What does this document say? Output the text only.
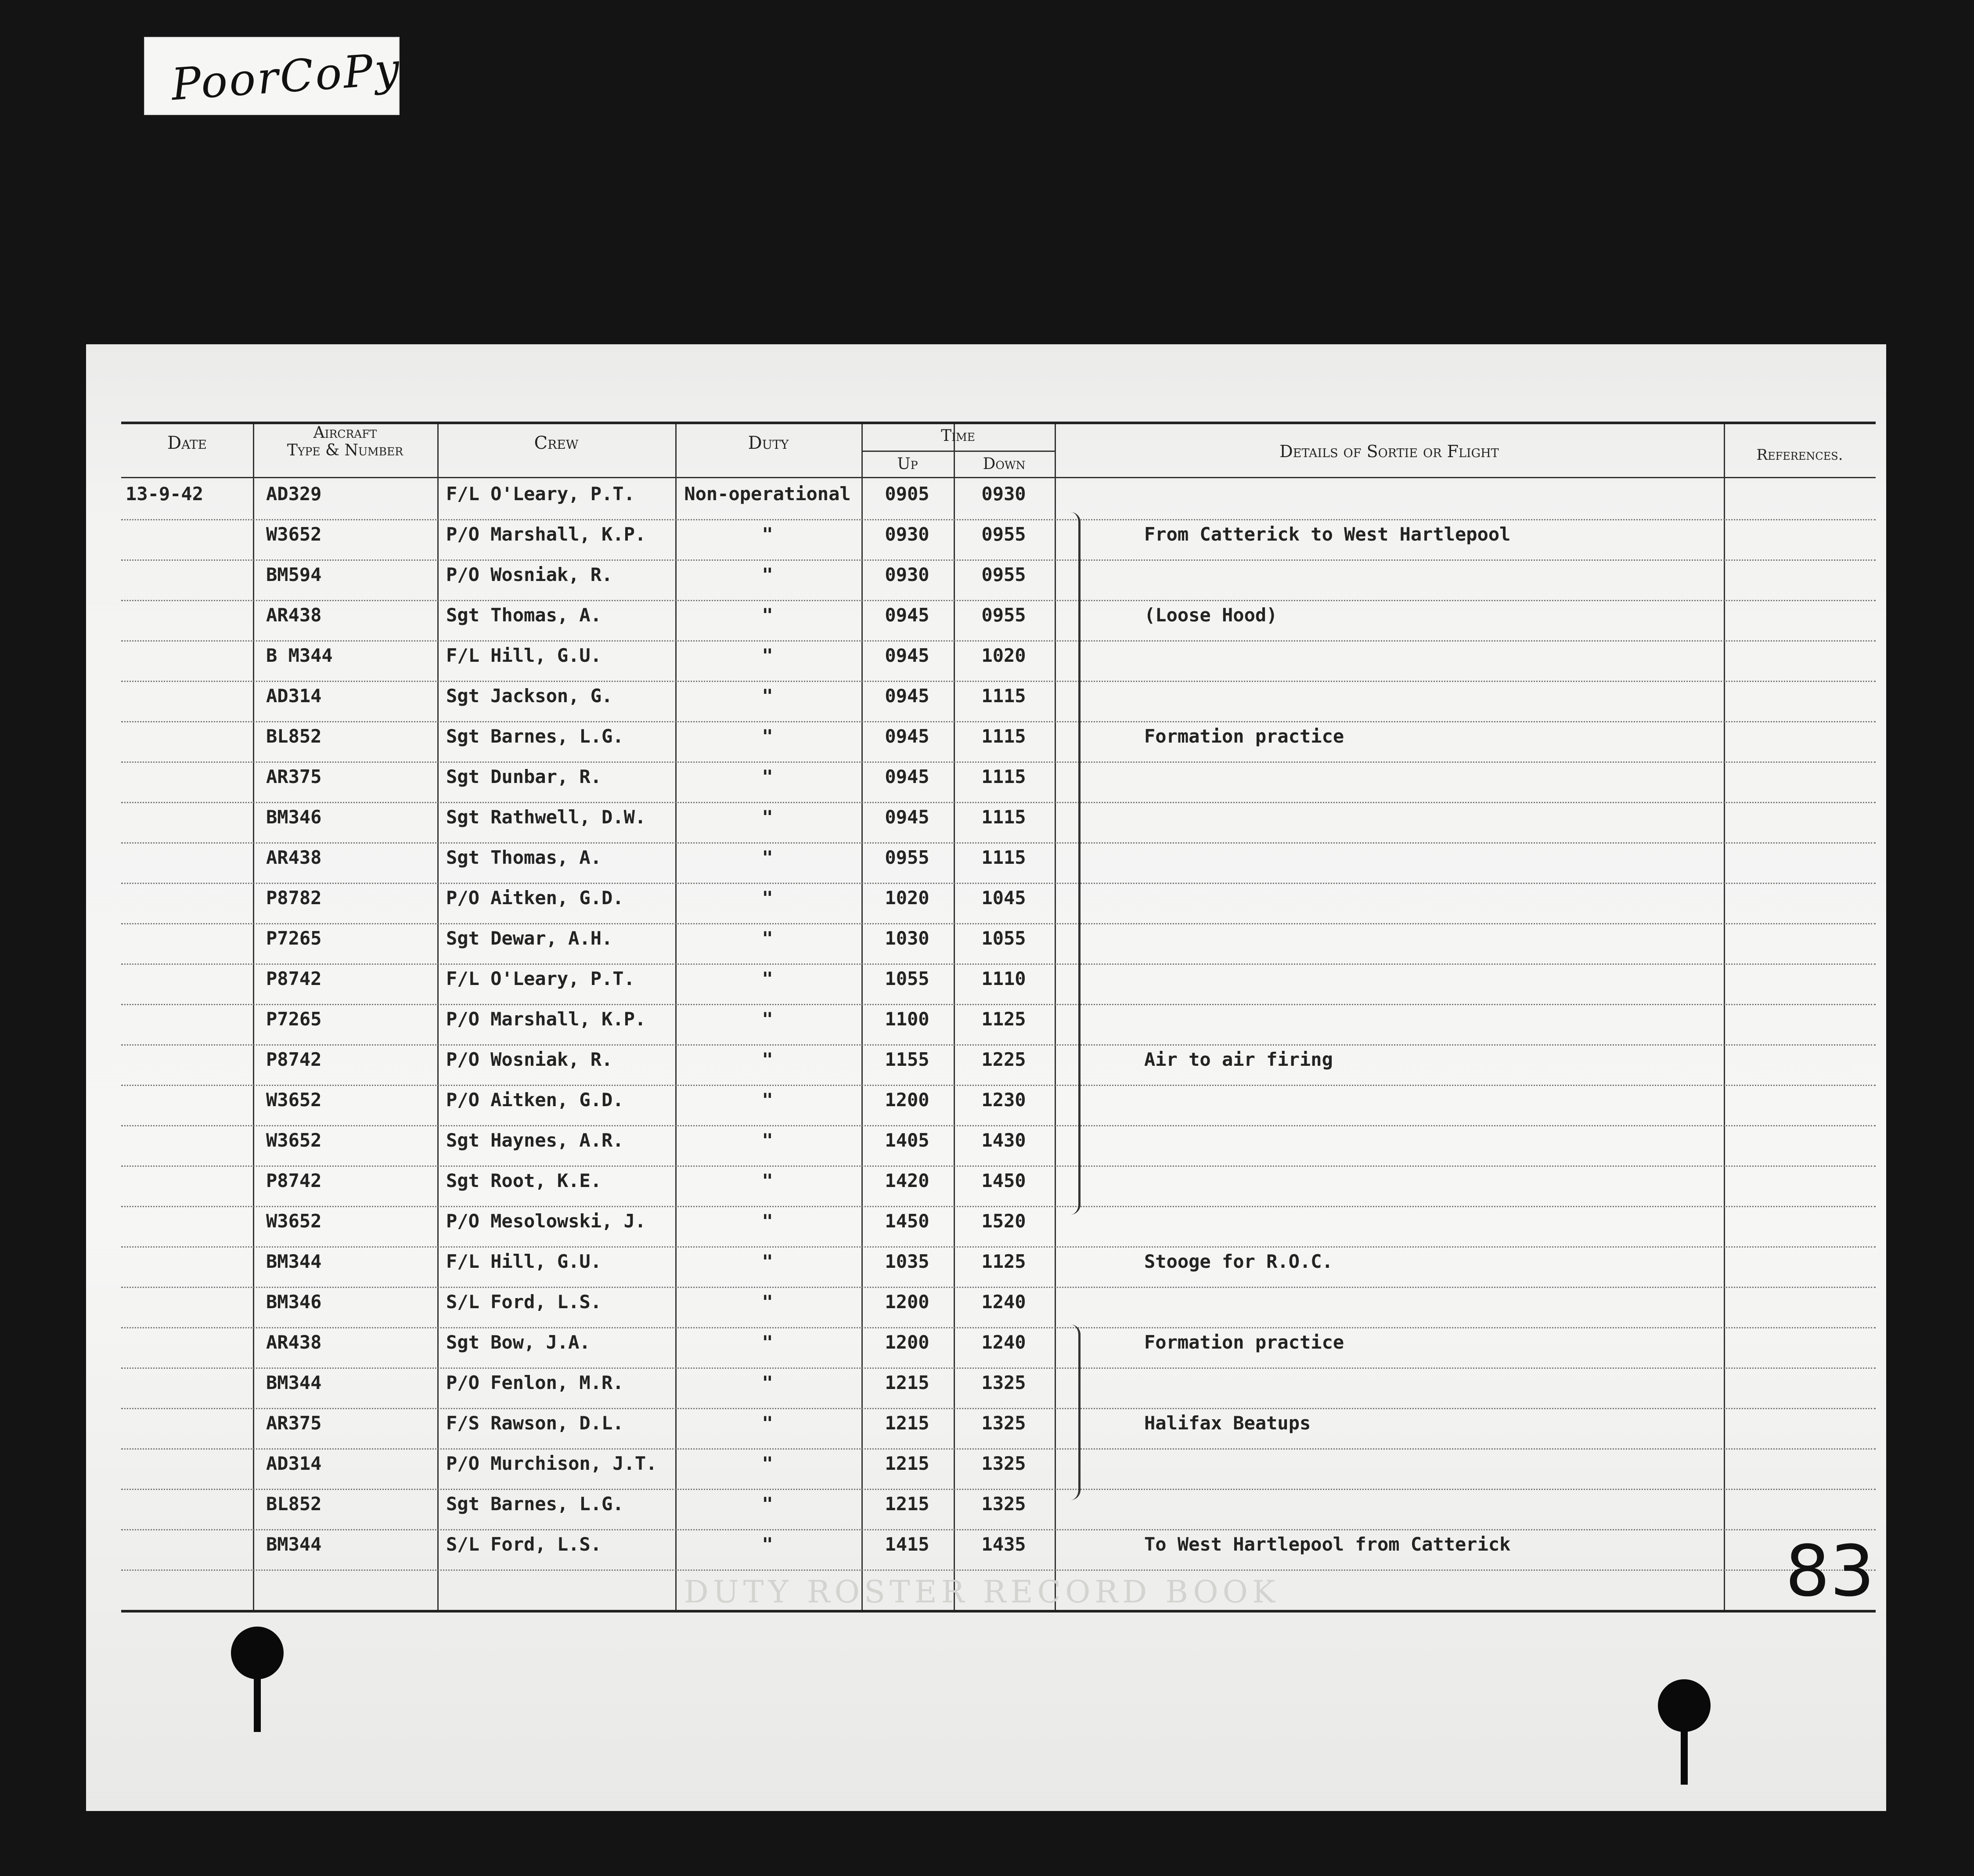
PoorCoPy
Date
Aircraft
Type & Number	Crew	Duty	Time
Up	Down
Details of Sortie or Flight	References.
13-9-42	AD329	F/L O'Leary, P.T.	Non-operational	0905	0930
W3652	P/O Marshall, K.P.	"	0930	0955	From Catterick to West Hartlepool
BM594	P/O Wosniak, R.	"	0930	0955
AR438	Sgt Thomas, A.	"	0945	0955	(Loose Hood)
B M344	F/L Hill, G.U.	"	0945	1020
AD314	Sgt Jackson, G.	"	0945	1115
BL852	Sgt Barnes, L.G.	"	0945	1115	Formation practice
AR375	Sgt Dunbar, R.	"	0945	1115
BM346	Sgt Rathwell, D.W.	"	0945	1115
AR438	Sgt Thomas, A.	"	0955	1115
P8782	P/O Aitken, G.D.	"	1020	1045
P7265	Sgt Dewar, A.H.	"	1030	1055
P8742	F/L O'Leary, P.T.	"	1055	1110
P7265	P/O Marshall, K.P.	"	1100	1125
P8742	P/O Wosniak, R.	"	1155	1225	Air to air firing
W3652	P/O Aitken, G.D.	"	1200	1230
W3652	Sgt Haynes, A.R.	"	1405	1430
P8742	Sgt Root, K.E.	"	1420	1450
W3652	P/O Mesolowski, J.	"	1450	1520
BM344	F/L Hill, G.U.	"	1035	1125	Stooge for R.O.C.
BM346	S/L Ford, L.S.	"	1200	1240
AR438	Sgt Bow, J.A.	"	1200	1240	Formation practice
BM344	P/O Fenlon, M.R.	"	1215	1325
AR375	F/S Rawson, D.L.	"	1215	1325	Halifax Beatups
AD314	P/O Murchison, J.T.	"	1215	1325
BL852	Sgt Barnes, L.G.	"	1215	1325
BM344	S/L Ford, L.S.	"	1415	1435	To West Hartlepool from Catterick	83
DUTY ROSTER RECORD BOOK
